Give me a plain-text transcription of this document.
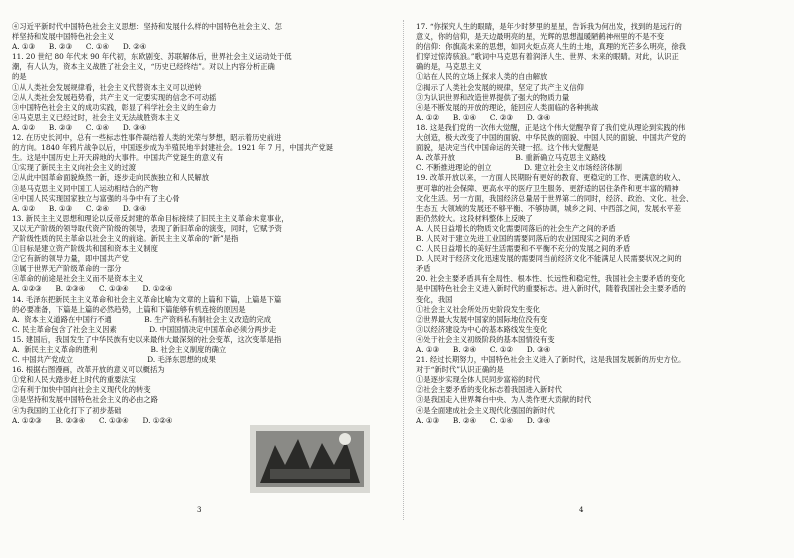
④习近平新时代中国特色社会主义思想：坚持和发展什么样的中国特色社会主义、怎
样坚持和发展中国特色社会主义
A. ①③      B. ②③      C. ①④      D. ②④
11. 20 世纪 80 年代末 90 年代初，东欧剧变、苏联解体后，世界社会主义运动处于低
潮，有人认为，资本主义战胜了社会主义，“历史已经终结”。对以上内容分析正确
的是
①从人类社会发展规律看，社会主义代替资本主义可以逆转
②从人类社会发展趋势看，共产主义一定要实现的信念不可动摇
③中国特色社会主义的成功实践，彰显了科学社会主义的生命力
④马克思主义已经过时，社会主义无法战胜资本主义
A. ①②      B. ②③      C. ①④      D. ③④
12. 在历史长河中，总有一些标志性事件凝结着人类的光荣与梦想，昭示着历史前进
的方向。1840 年鸦片战争以后，中国逐步成为半殖民地半封建社会。1921 年 7 月，中国共产党诞
生。这是中国历史上开天辟地的大事件。中国共产党诞生的意义有
①实现了新民主主义向社会主义的过渡
②从此中国革命面貌焕然一新，逐步走向民族独立和人民解放
③是马克思主义同中国工人运动相结合的产物
④中国人民实现国家独立与富强的斗争中有了主心骨
A. ①②      B. ①③      C. ②④      D. ③④
13. 新民主主义思想和理论以反帝反封建的革命目标接续了旧民主主义革命未竟事业，
又以无产阶级的领导取代资产阶级的领导，表现了新旧革命的演变，同时，它赋予资
产阶级性质的民主革命以社会主义的前途。新民主主义革命的“新”是指
①目标是建立资产阶级共和国和资本主义制度
②它有新的领导力量，即中国共产党
③属于世界无产阶级革命的一部分
④革命的前途是社会主义而不是资本主义
A. ①②③      B. ②③④      C. ①③④      D. ①②④
14. 毛泽东把新民主主义革命和社会主义革命比喻为文章的上篇和下篇，上篇是下篇
的必要准备，下篇是上篇的必然趋势，上篇和下篇能够有机连接的原因是
A.  资本主义道路在中国行不通              B. 生产资料私有制社会主义改造的完成
C. 民主革命包含了社会主义因素              D. 中国国情决定中国革命必须分两步走
15. 建国后，我国发生了中华民族有史以来最伟大最深刻的社会变革，这次变革是指
A.  新民主主义革命的胜利                       B. 社会主义制度的确立
C. 中国共产党成立                                D. 毛泽东思想的成果
16. 根据右图漫画，改革开放的意义可以概括为
①党和人民大踏步赶上时代的重要法宝
②有利于加快中国向社会主义现代化的转变
③是坚持和发展中国特色社会主义的必由之路
④为我国的工业化打下了初步基础
A. ①②③      B. ②③④      C. ①③④      D. ①②④
17. “你探究人生的眼睛，是年少时梦里的星星，告诉我为何出发，找到的是远行的
意义，你的信仰，是天边最明亮的星，光辉的思想温暖陋鹤神州里的不是不变
的信仰：你旗高未来的思想，如同火炬点亮人生的土地，真理的光芒多么明亮，徐我
们穿过惊涛骇浪。”歌词中马克思有着润泽人生、世界、未来的眼睛。对此，认识正
确的是，马克思主义
①站在人民的立场上探求人类的自由解放
②揭示了人类社会发展的规律，坚定了共产主义信仰
③为认识世界和改造世界提供了强大的物质力量
④是不断发展的开放的理论，能回应人类面临的各种挑战
A. ①②      B. ①④      C. ②③      D. ③④
18. 这是我们党的一次伟大觉醒，正是这个伟大觉醒孕育了我们党从理论到实践的伟
大创造，极大改变了中国的面貌、中华民族的面貌、中国人民的面貌、中国共产党的
面貌，是决定当代中国命运的关键一招。这个伟大觉醒是
A. 改革开放                          B. 重新确立马克思主义路线
C. 不断推进理论的创立              D. 建立社会主义市场经济体制
19. 改革开放以来，一方面人民期盼有更好的教育、更稳定的工作、更满意的收入、
更可靠的社会保障、更高水平的医疗卫生服务、更舒适的居住条件和更丰富的精神
文化生活。另一方面，我国经济总量居于世界第二的同时，经济、政治、文化、社会、
生态五 大领域的发展还不够平衡、不够协调，城乡之间、中西部之间，发展水平差
距仍然较大。这段材料整体上反映了
A. 人民日益增长的物质文化需要同落后的社会生产之间的矛盾
B. 人民对于建立先进工业国的需要同落后的农业国现实之间的矛盾
C. 人民日益增长的美好生活需要和不平衡不充分的发展之间的矛盾
D. 人民对于经济文化迅速发展的需要同当前经济文化不能满足人民需要状况之间的
矛盾
20. 社会主要矛盾具有全局性、根本性、长远性和稳定性，我国社会主要矛盾的变化
是中国特色社会主义进入新时代的重要标志。进入新时代，随着我国社会主要矛盾的
变化，我国
①社会主义社会所处历史阶段发生变化
②世界最大发展中国家的国际地位没有变
③以经济建设为中心的基本路线发生变化
④处于社会主义初级阶段的基本国情没有变
A. ①③      B. ②④      C. ①②      D. ③④
21. 经过长期努力，中国特色社会主义进入了新时代，这是我国发展新的历史方位。
对于“新时代”认识正确的是
①是逐步实现全体人民同步富裕的时代
②社会主要矛盾的变化标志着我国进入新时代
③是我国走入世界舞台中央、为人类作更大贡献的时代
④是全面建成社会主义现代化强国的新时代
A. ①③      B. ②④      C. ①④      D. ③④
3	4
